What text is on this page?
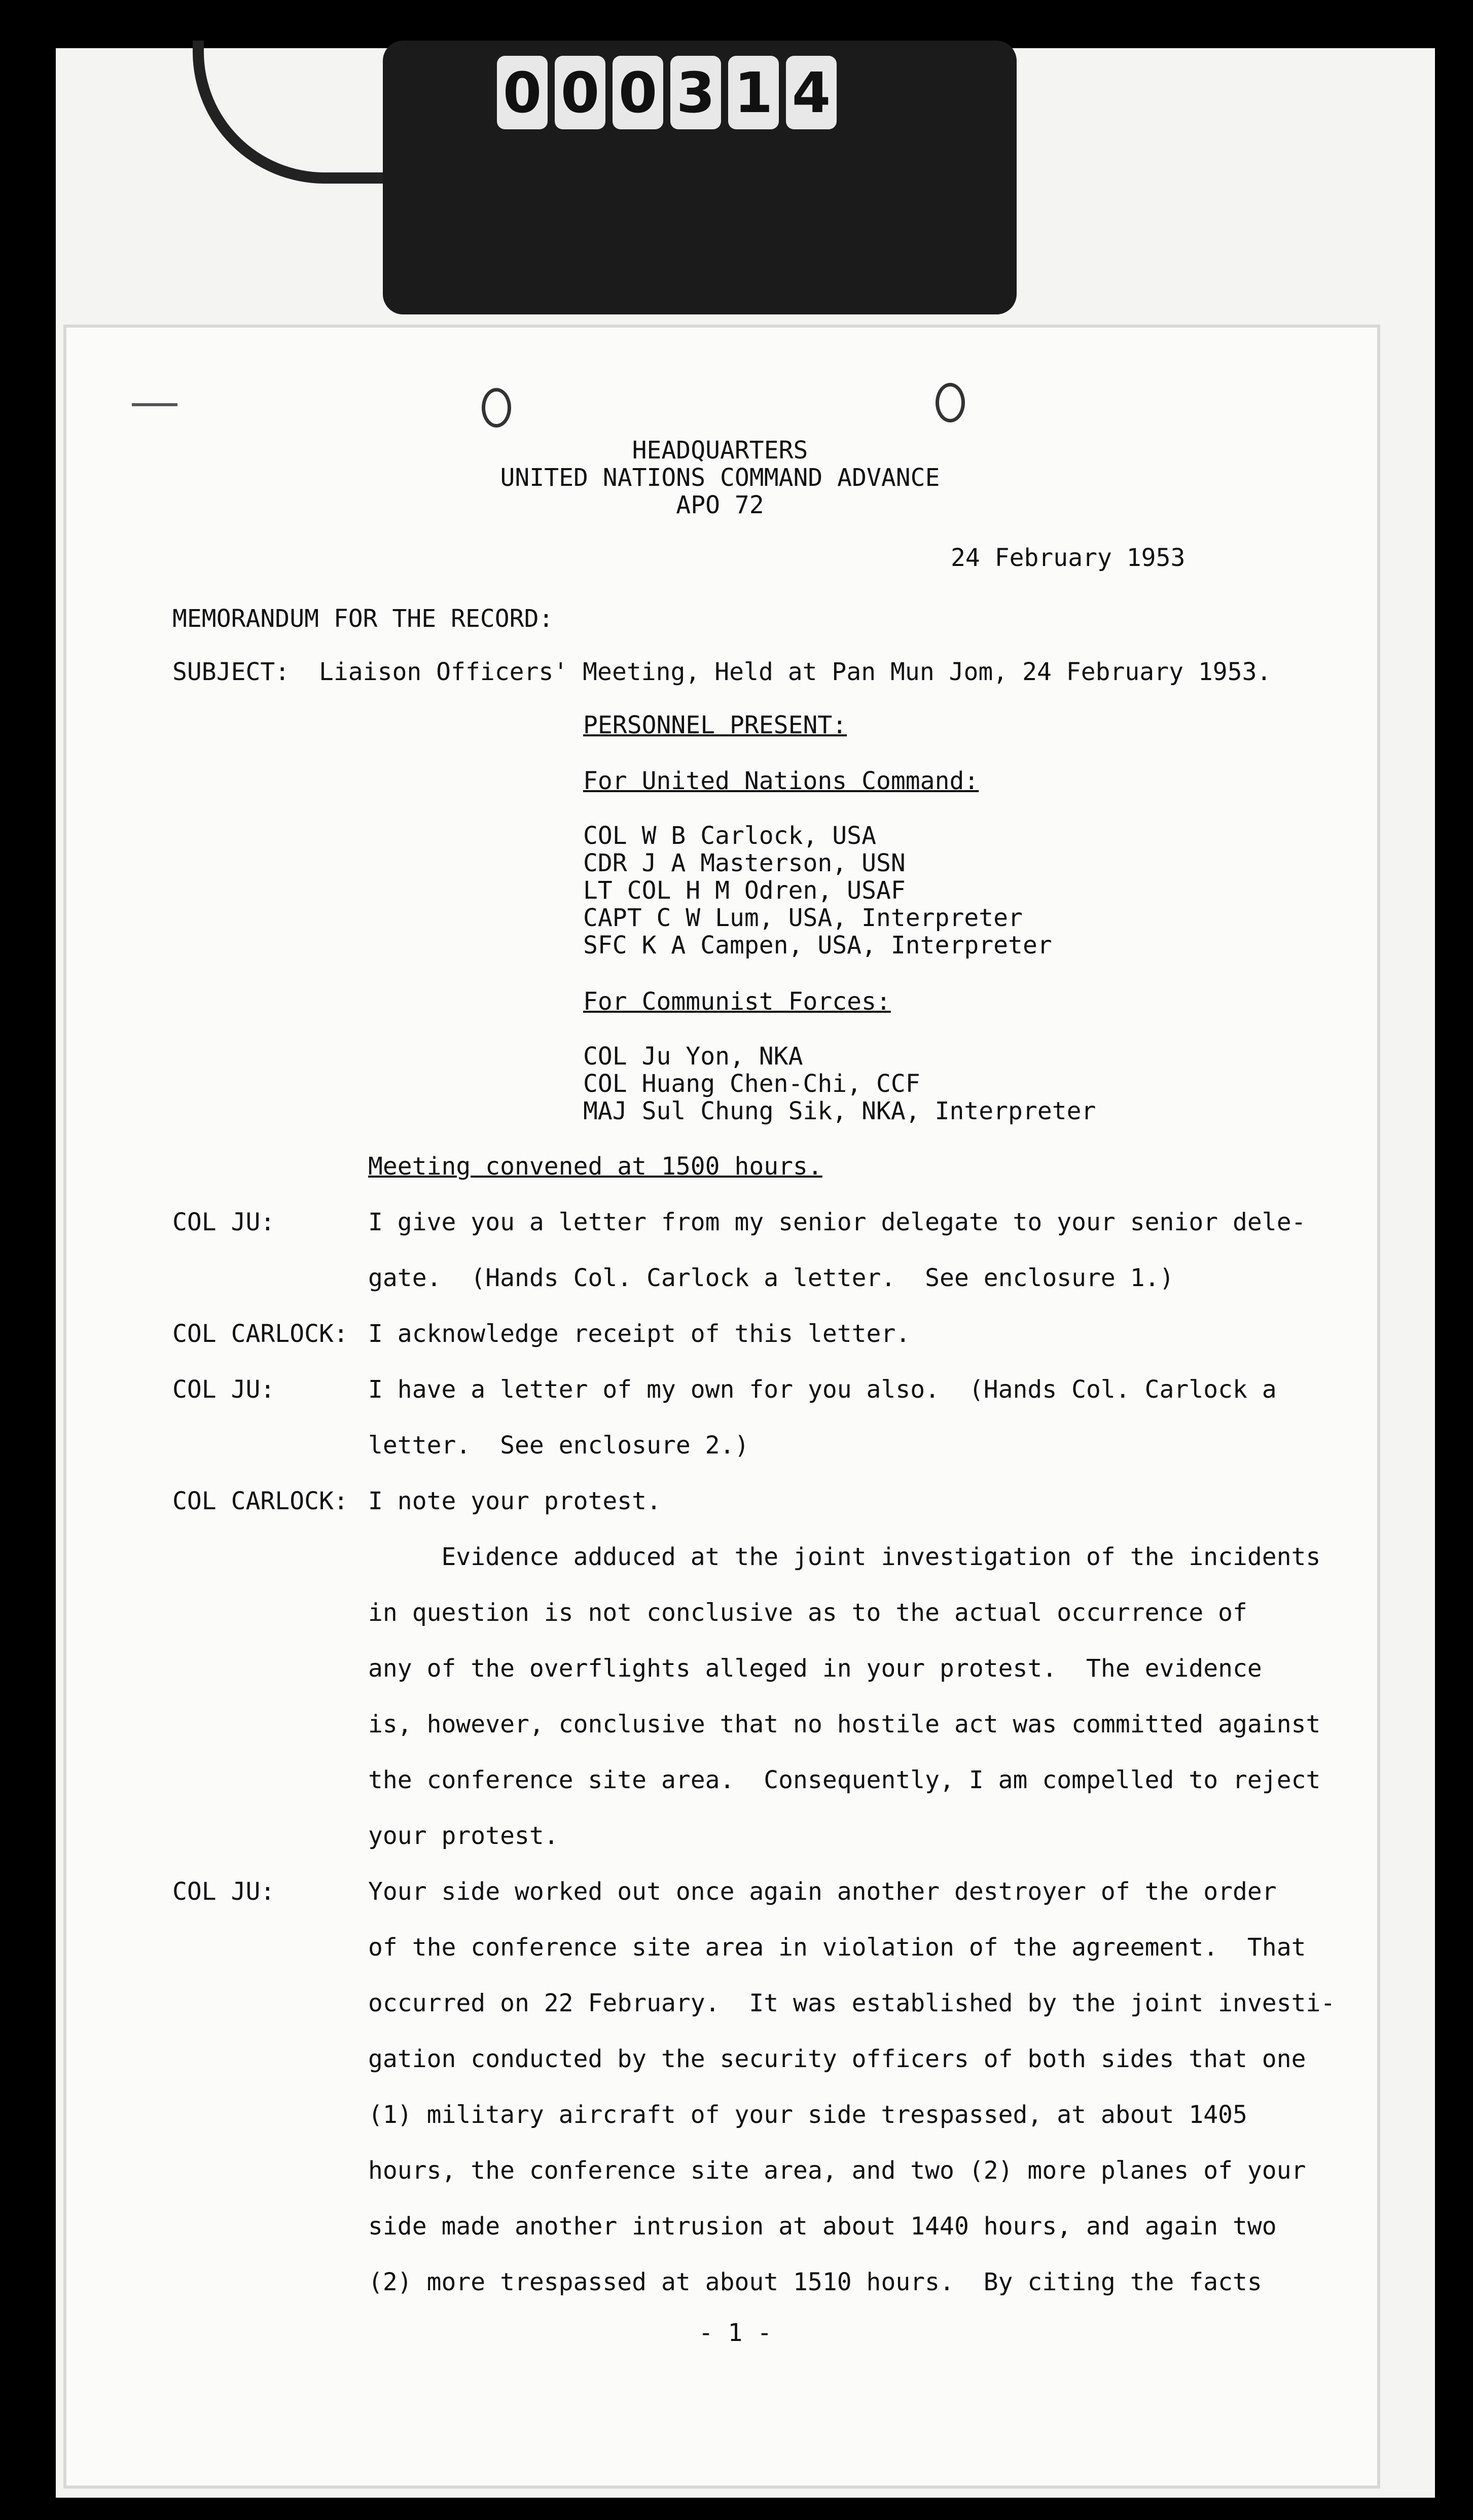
0 0 0 3 1 4
HEADQUARTERS
UNITED NATIONS COMMAND ADVANCE
APO 72
24 February 1953
MEMORANDUM FOR THE RECORD:
SUBJECT:  Liaison Officers' Meeting, Held at Pan Mun Jom, 24 February 1953.
PERSONNEL PRESENT:
For United Nations Command:
COL W B Carlock, USA
CDR J A Masterson, USN
LT COL H M Odren, USAF
CAPT C W Lum, USA, Interpreter
SFC K A Campen, USA, Interpreter
For Communist Forces:
COL Ju Yon, NKA
COL Huang Chen-Chi, CCF
MAJ Sul Chung Sik, NKA, Interpreter
Meeting convened at 1500 hours.
COL JU:	I give you a letter from my senior delegate to your senior dele-
gate.  (Hands Col. Carlock a letter.  See enclosure 1.)
COL CARLOCK: I acknowledge receipt of this letter.
COL JU:	I have a letter of my own for you also.  (Hands Col. Carlock a
letter.  See enclosure 2.)
COL CARLOCK: I note your protest.
Evidence adduced at the joint investigation of the incidents
in question is not conclusive as to the actual occurrence of
any of the overflights alleged in your protest.  The evidence
is, however, conclusive that no hostile act was committed against
the conference site area.  Consequently, I am compelled to reject
your protest.
COL JU:	Your side worked out once again another destroyer of the order
of the conference site area in violation of the agreement.  That
occurred on 22 February.  It was established by the joint investi-
gation conducted by the security officers of both sides that one
(1) military aircraft of your side trespassed, at about 1405
hours, the conference site area, and two (2) more planes of your
side made another intrusion at about 1440 hours, and again two
(2) more trespassed at about 1510 hours.  By citing the facts
- 1 -
